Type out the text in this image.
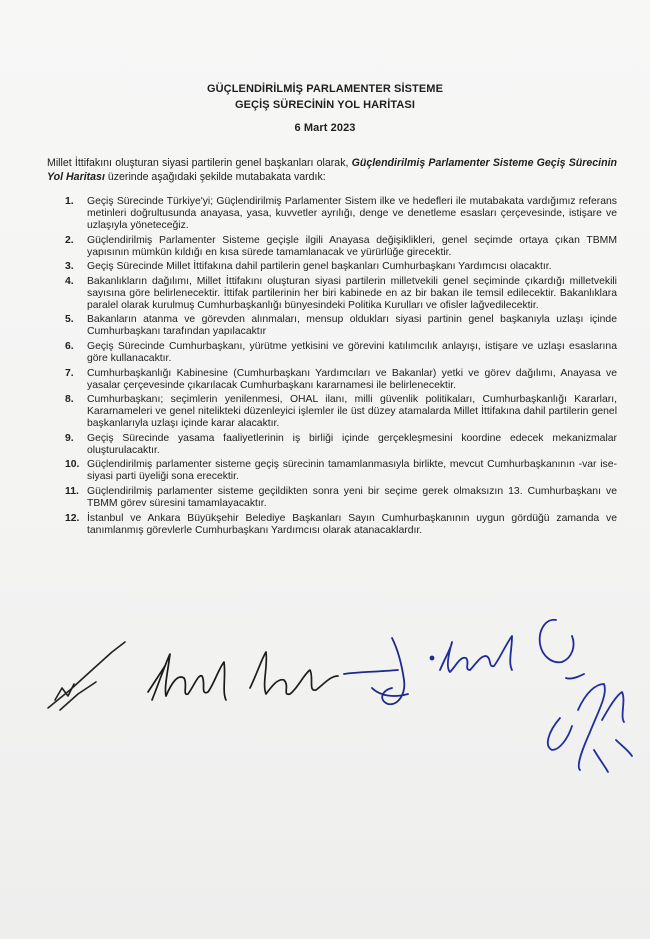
GÜÇLENDİRİLMİŞ PARLAMENTER SİSTEME
GEÇİŞ SÜRECİNİN YOL HARİTASI
6 Mart 2023
Millet İttifakını oluşturan siyasi partilerin genel başkanları olarak, Güçlendirilmiş Parlamenter Sisteme Geçiş Sürecinin Yol Haritası üzerinde aşağıdaki şekilde mutabakata vardık:
1.	Geçiş Sürecinde Türkiye'yi; Güçlendirilmiş Parlamenter Sistem ilke ve hedefleri ile mutabakata vardığımız referans metinleri doğrultusunda anayasa, yasa, kuvvetler ayrılığı, denge ve denetleme esasları çerçevesinde, istişare ve uzlaşıyla yöneteceğiz.
2.	Güçlendirilmiş Parlamenter Sisteme geçişle ilgili Anayasa değişiklikleri, genel seçimde ortaya çıkan TBMM yapısının mümkün kıldığı en kısa sürede tamamlanacak ve yürürlüğe girecektir.
3.	Geçiş Sürecinde Millet İttifakına dahil partilerin genel başkanları Cumhurbaşkanı Yardımcısı olacaktır.
4.	Bakanlıkların dağılımı, Millet İttifakını oluşturan siyasi partilerin milletvekili genel seçiminde çıkardığı milletvekili sayısına göre belirlenecektir. İttifak partilerinin her biri kabinede en az bir bakan ile temsil edilecektir. Bakanlıklara paralel olarak kurulmuş Cumhurbaşkanlığı bünyesindeki Politika Kurulları ve ofisler lağvedilecektir.
5.	Bakanların atanma ve görevden alınmaları, mensup oldukları siyasi partinin genel başkanıyla uzlaşı içinde Cumhurbaşkanı tarafından yapılacaktır
6.	Geçiş Sürecinde Cumhurbaşkanı, yürütme yetkisini ve görevini katılımcılık anlayışı, istişare ve uzlaşı esaslarına göre kullanacaktır.
7.	Cumhurbaşkanlığı Kabinesine (Cumhurbaşkanı Yardımcıları ve Bakanlar) yetki ve görev dağılımı, Anayasa ve yasalar çerçevesinde çıkarılacak Cumhurbaşkanı kararnamesi ile belirlenecektir.
8.	Cumhurbaşkanı; seçimlerin yenilenmesi, OHAL ilanı, milli güvenlik politikaları, Cumhurbaşkanlığı Kararları, Kararnameleri ve genel nitelikteki düzenleyici işlemler ile üst düzey atamalarda Millet İttifakına dahil partilerin genel başkanlarıyla uzlaşı içinde karar alacaktır.
9.	Geçiş Sürecinde yasama faaliyetlerinin iş birliği içinde gerçekleşmesini koordine edecek mekanizmalar oluşturulacaktır.
10. Güçlendirilmiş parlamenter sisteme geçiş sürecinin tamamlanmasıyla birlikte, mevcut Cumhurbaşkanının -var ise- siyasi parti üyeliği sona erecektir.
11. Güçlendirilmiş parlamenter sisteme geçildikten sonra yeni bir seçime gerek olmaksızın 13. Cumhurbaşkanı ve TBMM görev süresini tamamlayacaktır.
12. İstanbul ve Ankara Büyükşehir Belediye Başkanları Sayın Cumhurbaşkanının uygun gördüğü zamanda ve tanımlanmış görevlerle Cumhurbaşkanı Yardımcısı olarak atanacaklardır.
